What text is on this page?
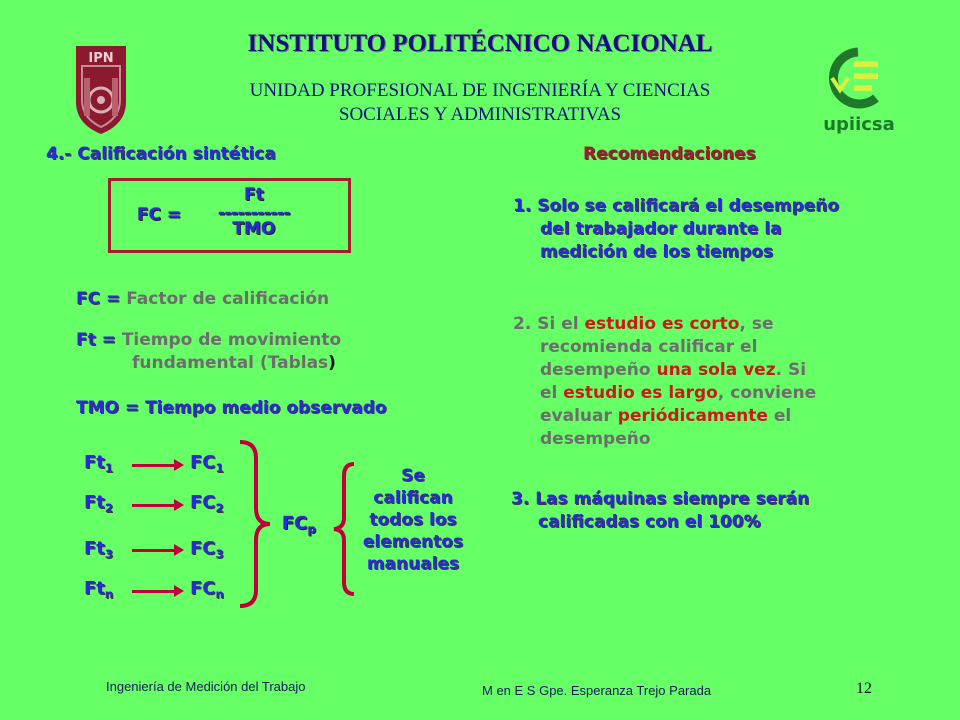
INSTITUTO POLITÉCNICO NACIONAL
UNIDAD PROFESIONAL DE INGENIERÍA Y CIENCIAS
SOCIALES Y ADMINISTRATIVAS
IPN
upiicsa
4.- Calificación sintética
FC =
Ft
-----------
TMO
FC = Factor de calificación
Ft = Tiempo de movimiento
fundamental (Tablas)
TMO = Tiempo medio observado
$Ft_1$	$FC_1$
$Ft_2$	$FC_2$
$Ft_3$	$FC_3$
$Ft_n$	$FC_n$
$FC_p$
Se
califican
todos los
elementos
manuales
Recomendaciones
1. Solo se calificará el desempeño
del trabajador durante la
medición de los tiempos
2. Si el estudio es corto, se
recomienda calificar el
desempeño una sola vez. Si
el estudio es largo, conviene
evaluar periódicamente el
desempeño
3. Las máquinas siempre serán
calificadas con el 100%
Ingeniería de Medición del Trabajo	M en E S Gpe. Esperanza Trejo Parada	12
